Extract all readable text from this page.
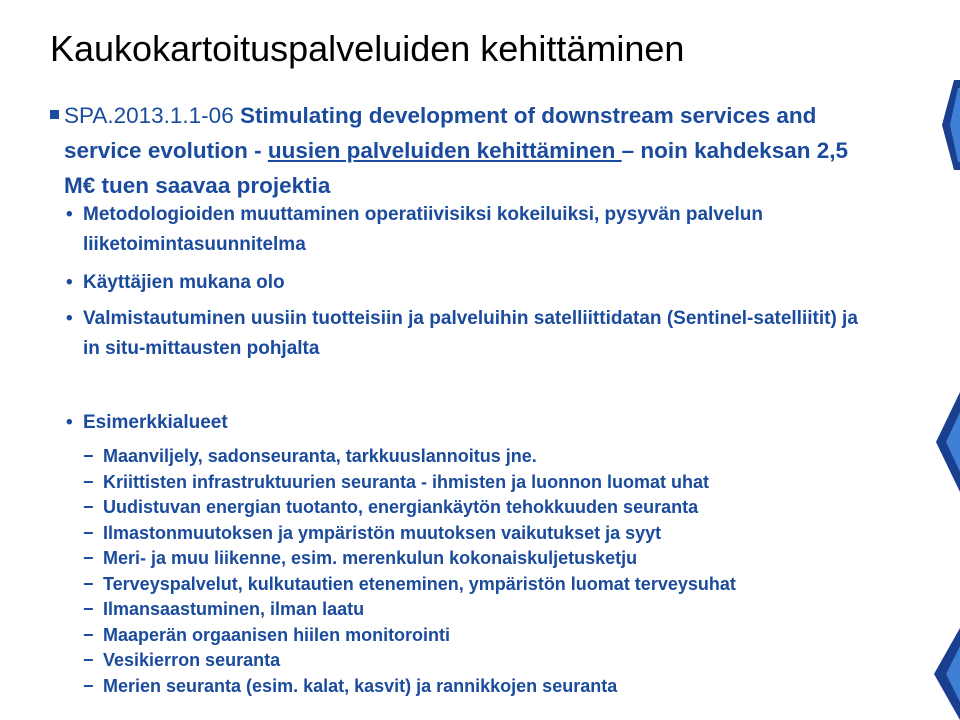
Kaukokartoituspalveluiden kehittäminen
SPA.2013.1.1-06 Stimulating development of downstream services and service evolution - uusien palveluiden kehittäminen – noin kahdeksan 2,5 M€ tuen saavaa projektia
• Metodologioiden muuttaminen operatiivisiksi kokeiluiksi, pysyvän palvelun liiketoimintasuunnitelma
• Käyttäjien mukana olo
• Valmistautuminen uusiin tuotteisiin ja palveluihin satelliittidatan (Sentinel-satelliitit) ja in situ-mittausten pohjalta
• Esimerkkialueet
− Maanviljely, sadonseuranta, tarkkuuslannoitus jne.
− Kriittisten infrastruktuurien seuranta - ihmisten ja luonnon luomat uhat
− Uudistuvan energian tuotanto, energiankäytön tehokkuuden seuranta
− Ilmastonmuutoksen ja ympäristön muutoksen vaikutukset ja syyt
− Meri- ja muu liikenne, esim. merenkulun kokonaiskuljetusketju
− Terveyspalvelut, kulkutautien eteneminen, ympäristön luomat terveysuhat
− Ilmansaastuminen, ilman laatu
− Maaperän orgaanisen hiilen monitorointi
− Vesikierron seuranta
− Merien seuranta (esim. kalat, kasvit) ja rannikkojen seuranta
